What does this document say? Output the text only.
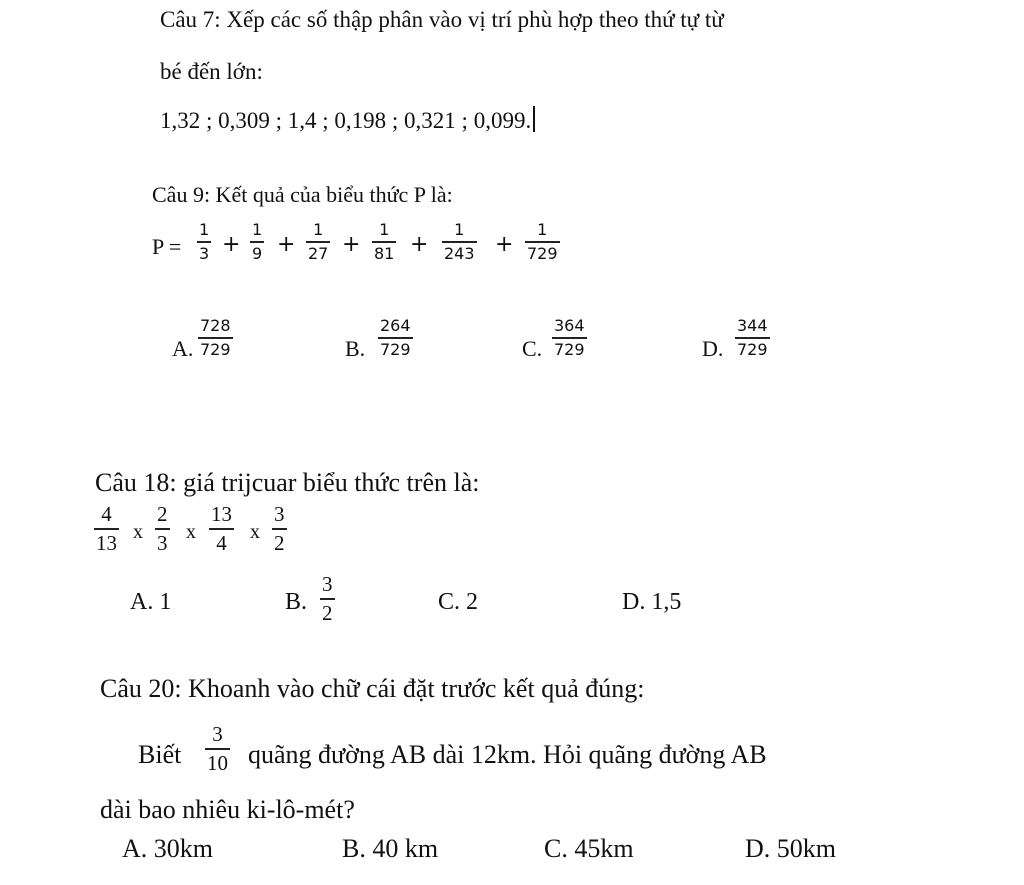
Câu 7: Xếp các số thập phân vào vị trí phù hợp theo thứ tự từ
bé đến lớn:
1,32 ; 0,309 ; 1,4 ; 0,198 ; 0,321 ; 0,099.
Câu 9: Kết quả của biểu thức P là:
P =
1
3 +
1
9 +
1
27 +
1
81 +
1
243 +
1
729
A.
728
729	B.
264
729	C.
364
729	D.
344
729
Câu 18: giá trijcuar biểu thức trên là:
4
13 x
2
3 x
13
4 x
3
2
A. 1	B.
3
2	C. 2	D. 1,5
Câu 20: Khoanh vào chữ cái đặt trước kết quả đúng:
Biết
3
10 quãng đường AB dài 12km. Hỏi quãng đường AB
dài bao nhiêu ki-lô-mét?
A. 30km	B. 40 km	C. 45km	D. 50km
